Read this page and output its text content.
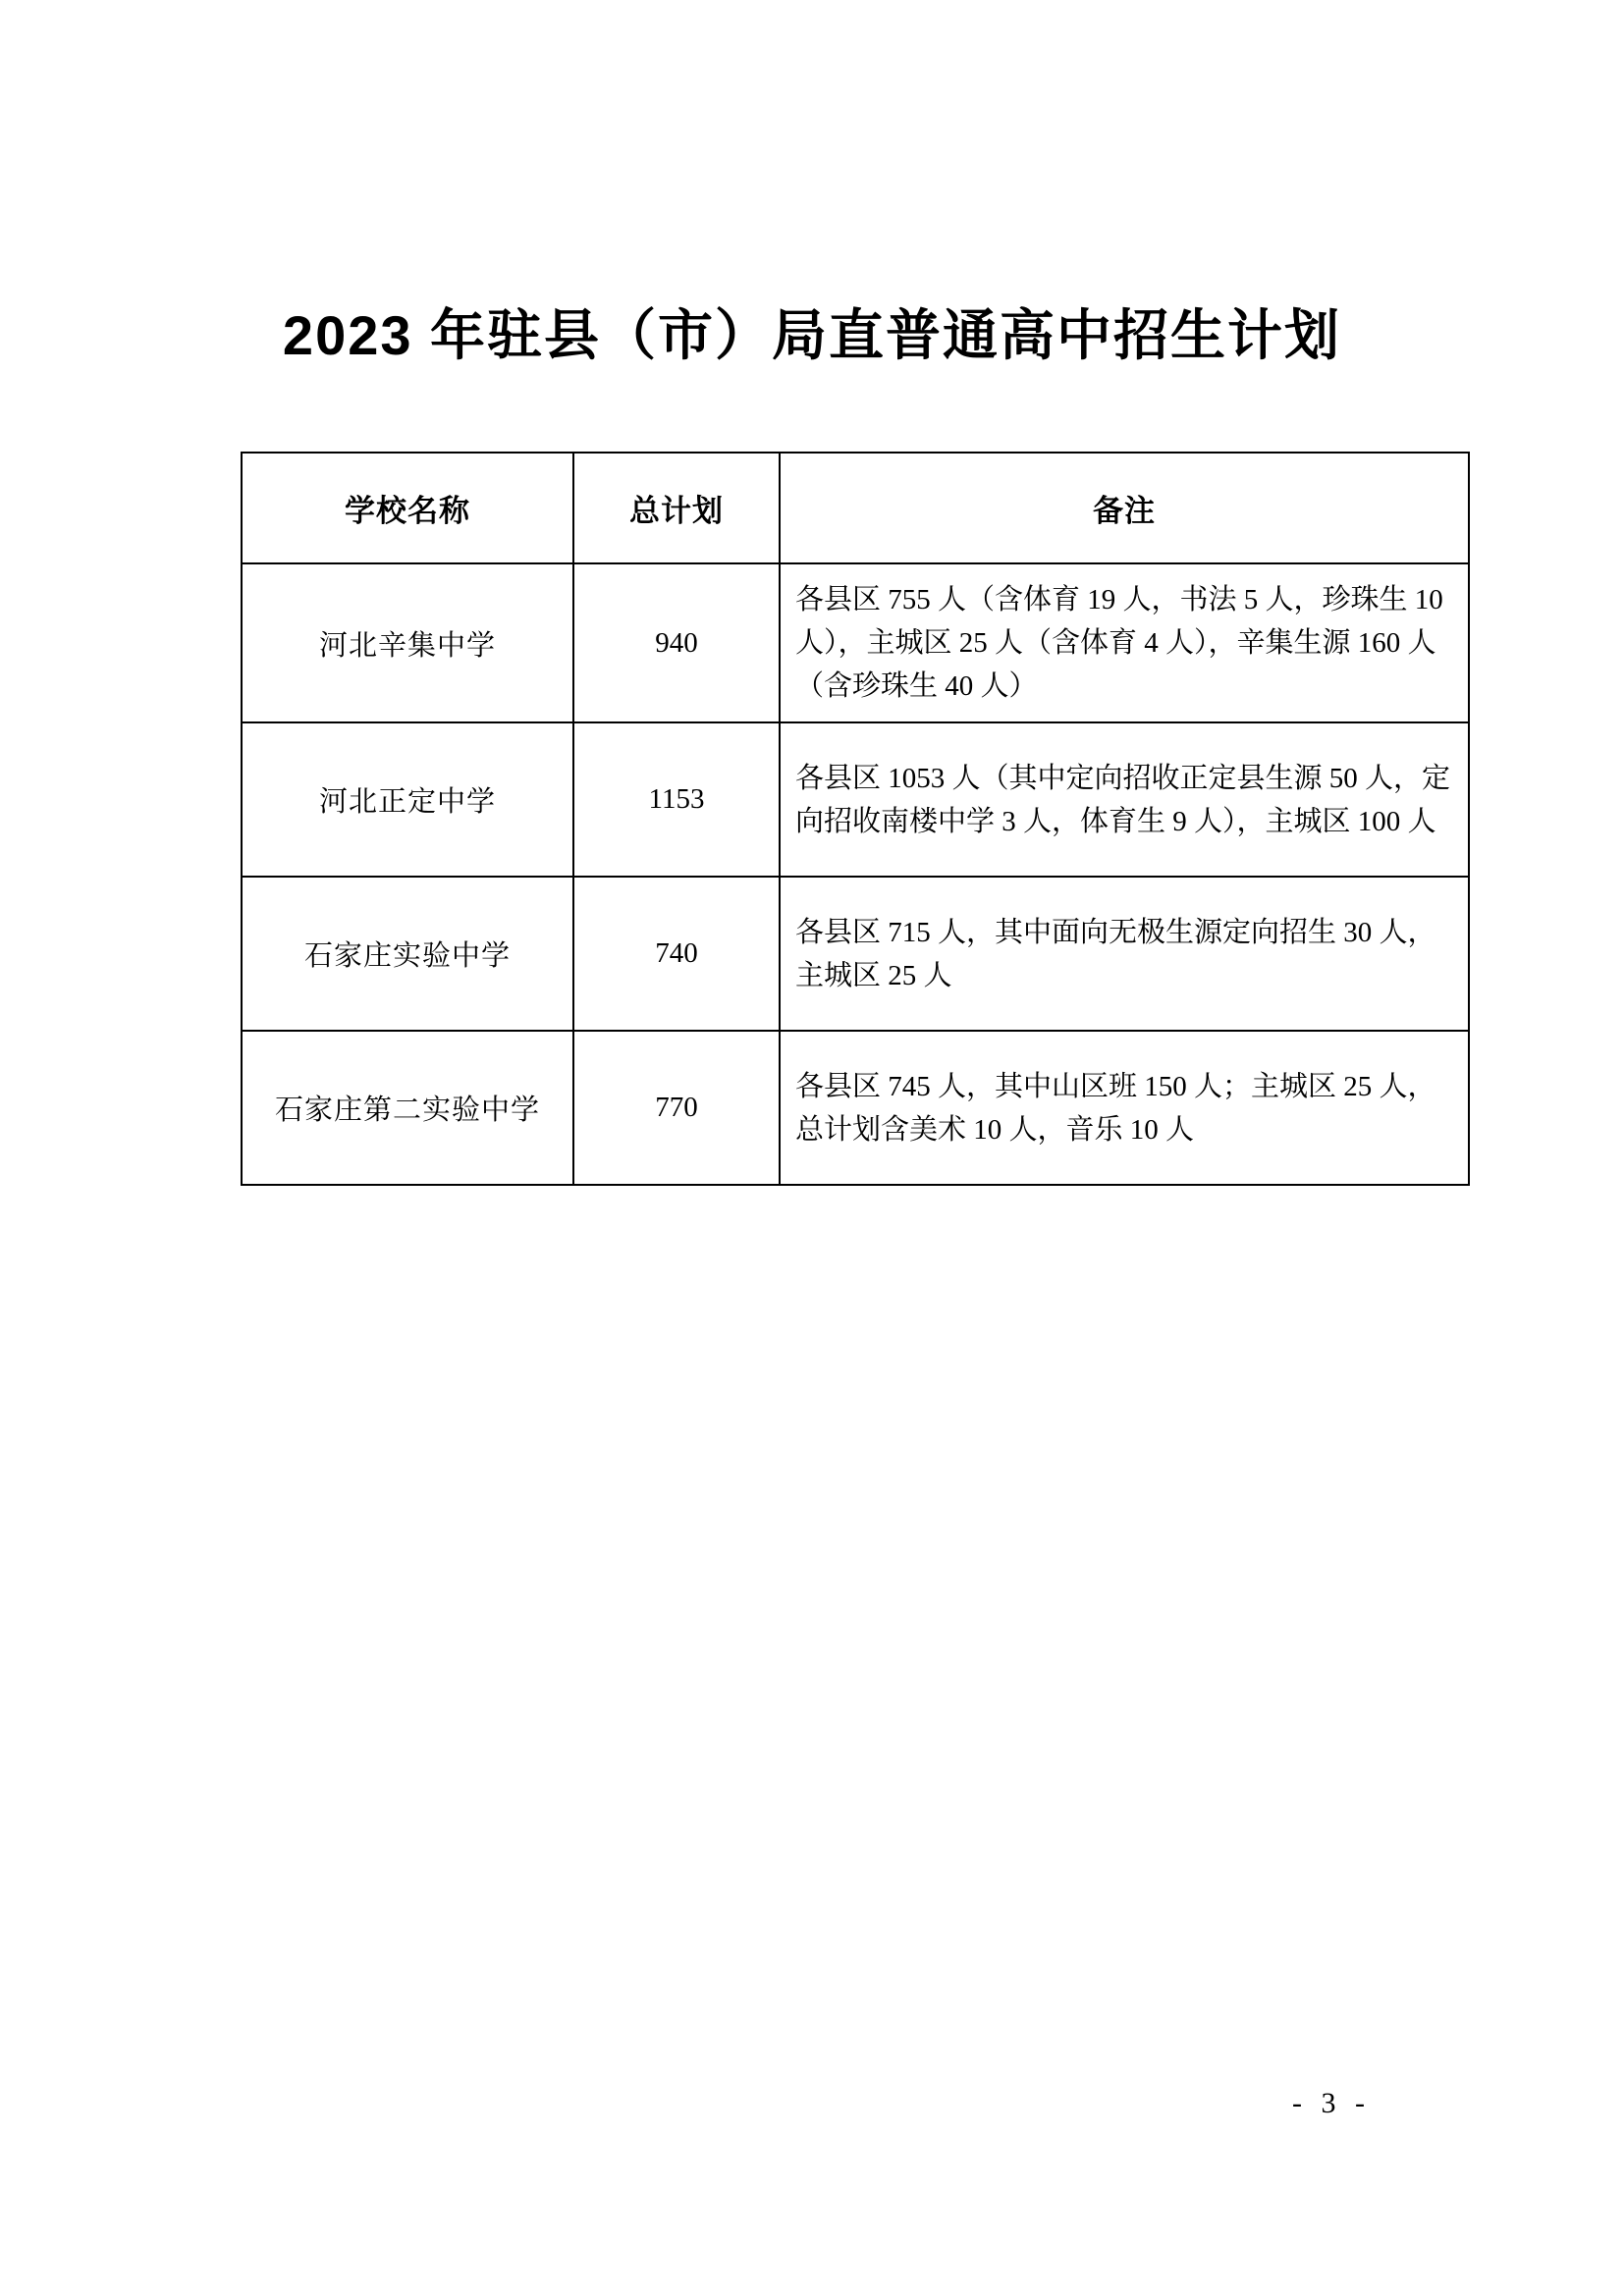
2023 年驻县（市）局直普通高中招生计划
学校名称	总计划	备注
河北辛集中学	940	各县区 755 人（含体育 19 人，书法 5 人，珍珠生 10 人），主城区 25 人（含体育 4 人），辛集生源 160 人（含珍珠生 40 人）
河北正定中学	1153	各县区 1053 人（其中定向招收正定县生源 50 人，定向招收南楼中学 3 人，体育生 9 人），主城区 100 人
石家庄实验中学	740	各县区 715 人，其中面向无极生源定向招生 30 人，主城区 25 人
石家庄第二实验中学	770	各县区 745 人，其中山区班 150 人；主城区 25 人，总计划含美术 10 人，音乐 10 人
- 3 -
